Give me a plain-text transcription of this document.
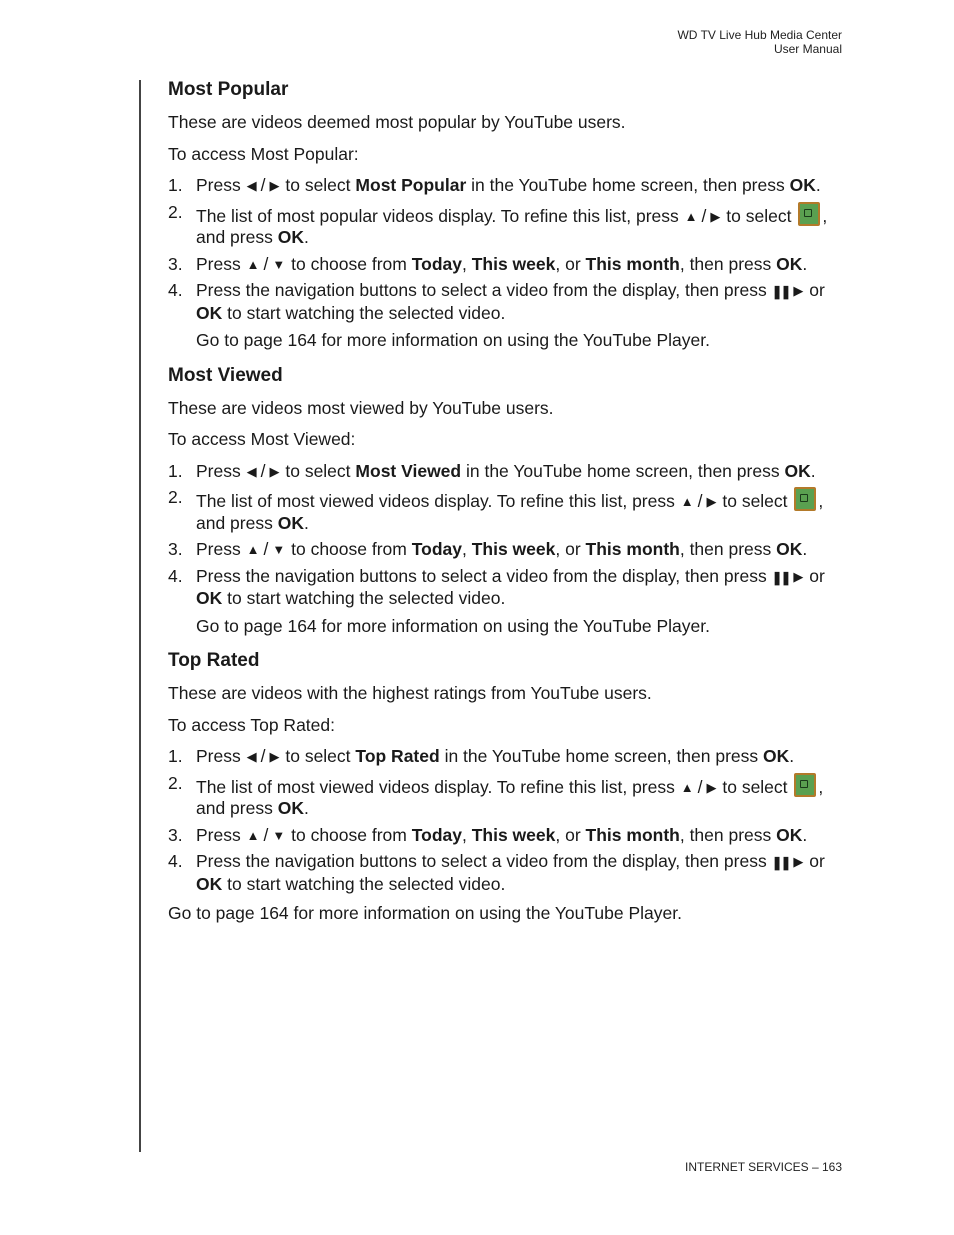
WD TV Live Hub Media Center
User Manual
Most Popular

These are videos deemed most popular by YouTube users.

To access Most Popular:

1. Press ◀ / ▶ to select Most Popular in the YouTube home screen, then press OK.
2. The list of most popular videos display. To refine this list, press ▲ / ▶ to select , and press OK.
3. Press ▲ / ▼ to choose from Today, This week, or This month, then press OK.
4. Press the navigation buttons to select a video from the display, then press ❚❚ ▶ or OK to start watching the selected video.

Go to page 164 for more information on using the YouTube Player.

Most Viewed

These are videos most viewed by YouTube users.

To access Most Viewed:

1. Press ◀ / ▶ to select Most Viewed in the YouTube home screen, then press OK.
2. The list of most viewed videos display. To refine this list, press ▲ / ▶ to select , and press OK.
3. Press ▲ / ▼ to choose from Today, This week, or This month, then press OK.
4. Press the navigation buttons to select a video from the display, then press ❚❚ ▶ or OK to start watching the selected video.

Go to page 164 for more information on using the YouTube Player.

Top Rated

These are videos with the highest ratings from YouTube users.

To access Top Rated:

1. Press ◀ / ▶ to select Top Rated in the YouTube home screen, then press OK.
2. The list of most viewed videos display. To refine this list, press ▲ / ▶ to select , and press OK.
3. Press ▲ / ▼ to choose from Today, This week, or This month, then press OK.
4. Press the navigation buttons to select a video from the display, then press ❚❚ ▶ or OK to start watching the selected video.

Go to page 164 for more information on using the YouTube Player.

INTERNET SERVICES – 163
